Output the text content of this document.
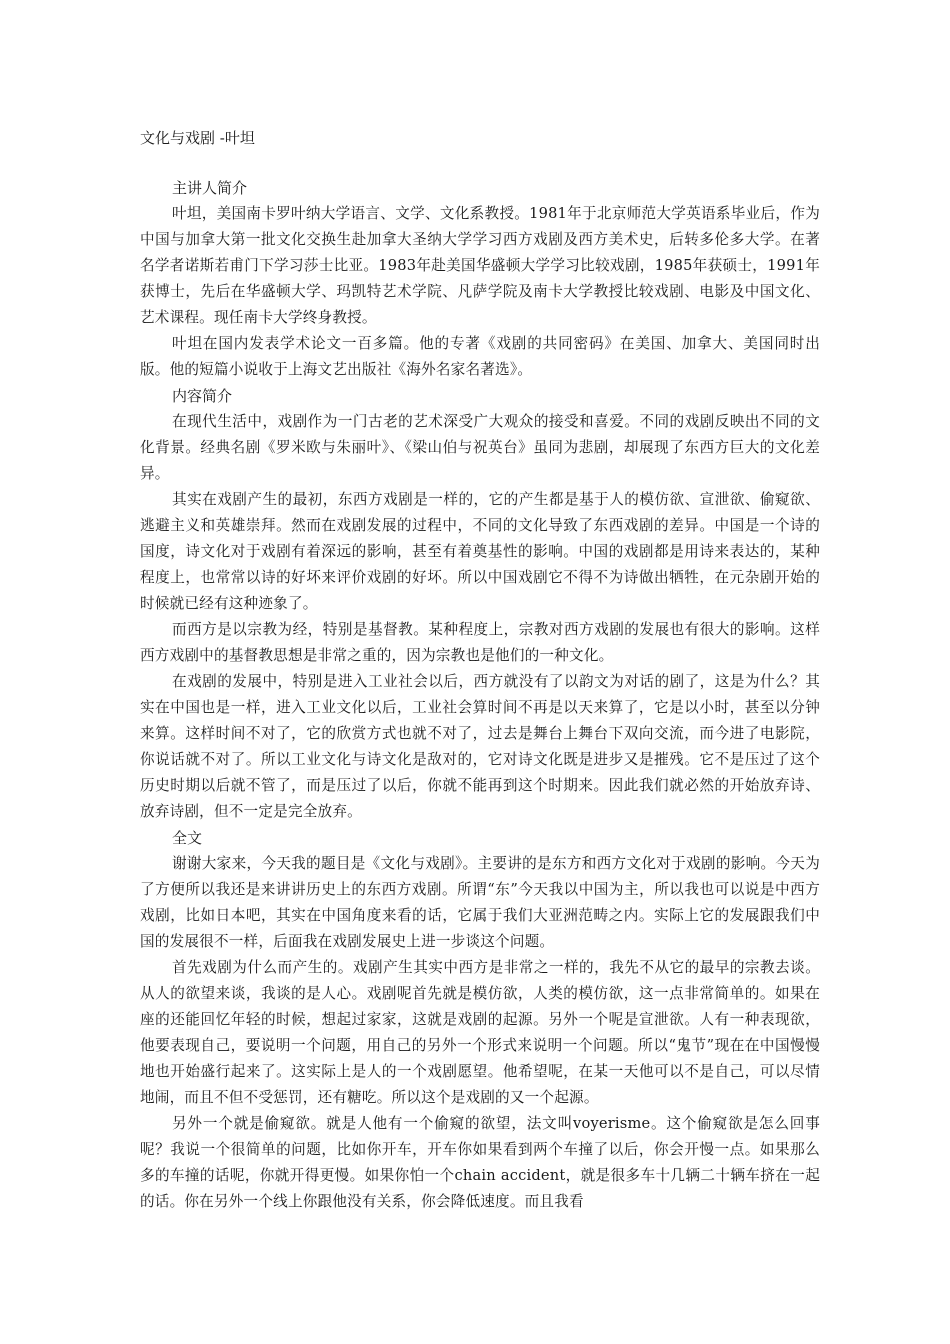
文化与戏剧 -叶坦
主讲人简介

叶坦，美国南卡罗叶纳大学语言、文学、文化系教授。1981年于北京师范大学英语系毕业后，作为中国与加拿大第一批文化交换生赴加拿大圣纳大学学习西方戏剧及西方美术史，后转多伦多大学。在著名学者诺斯若甫门下学习莎士比亚。1983年赴美国华盛顿大学学习比较戏剧，1985年获硕士，1991年获博士，先后在华盛顿大学、玛凯特艺术学院、凡萨学院及南卡大学教授比较戏剧、电影及中国文化、艺术课程。现任南卡大学终身教授。

叶坦在国内发表学术论文一百多篇。他的专著《戏剧的共同密码》在美国、加拿大、美国同时出版。他的短篇小说收于上海文艺出版社《海外名家名著选》。

内容简介

在现代生活中，戏剧作为一门古老的艺术深受广大观众的接受和喜爱。不同的戏剧反映出不同的文化背景。经典名剧《罗米欧与朱丽叶》、《梁山伯与祝英台》虽同为悲剧，却展现了东西方巨大的文化差异。

其实在戏剧产生的最初，东西方戏剧是一样的，它的产生都是基于人的模仿欲、宣泄欲、偷窥欲、逃避主义和英雄崇拜。然而在戏剧发展的过程中，不同的文化导致了东西戏剧的差异。中国是一个诗的国度，诗文化对于戏剧有着深远的影响，甚至有着奠基性的影响。中国的戏剧都是用诗来表达的，某种程度上，也常常以诗的好坏来评价戏剧的好坏。所以中国戏剧它不得不为诗做出牺牲，在元杂剧开始的时候就已经有这种迹象了。

而西方是以宗教为经，特别是基督教。某种程度上，宗教对西方戏剧的发展也有很大的影响。这样西方戏剧中的基督教思想是非常之重的，因为宗教也是他们的一种文化。

在戏剧的发展中，特别是进入工业社会以后，西方就没有了以韵文为对话的剧了，这是为什么？其实在中国也是一样，进入工业文化以后，工业社会算时间不再是以天来算了，它是以小时，甚至以分钟来算。这样时间不对了，它的欣赏方式也就不对了，过去是舞台上舞台下双向交流，而今进了电影院，你说话就不对了。所以工业文化与诗文化是敌对的，它对诗文化既是进步又是摧残。它不是压过了这个历史时期以后就不管了，而是压过了以后，你就不能再到这个时期来。因此我们就必然的开始放弃诗、放弃诗剧，但不一定是完全放弃。

全文

谢谢大家来，今天我的题目是《文化与戏剧》。主要讲的是东方和西方文化对于戏剧的影响。今天为了方便所以我还是来讲讲历史上的东西方戏剧。所谓“东”今天我以中国为主，所以我也可以说是中西方戏剧，比如日本吧，其实在中国角度来看的话，它属于我们大亚洲范畴之内。实际上它的发展跟我们中国的发展很不一样，后面我在戏剧发展史上进一步谈这个问题。

首先戏剧为什么而产生的。戏剧产生其实中西方是非常之一样的，我先不从它的最早的宗教去谈。从人的欲望来谈，我谈的是人心。戏剧呢首先就是模仿欲，人类的模仿欲，这一点非常简单的。如果在座的还能回忆年轻的时候，想起过家家，这就是戏剧的起源。另外一个呢是宣泄欲。人有一种表现欲，他要表现自己，要说明一个问题，用自己的另外一个形式来说明一个问题。所以“鬼节”现在在中国慢慢地也开始盛行起来了。这实际上是人的一个戏剧愿望。他希望呢，在某一天他可以不是自己，可以尽情地闹，而且不但不受惩罚，还有糖吃。所以这个是戏剧的又一个起源。

另外一个就是偷窥欲。就是人他有一个偷窥的欲望，法文叫voyerisme。这个偷窥欲是怎么回事呢？我说一个很简单的问题，比如你开车，开车你如果看到两个车撞了以后，你会开慢一点。如果那么多的车撞的话呢，你就开得更慢。如果你怕一个chain accident，就是很多车十几辆二十辆车挤在一起的话。你在另外一个线上你跟他没有关系，你会降低速度。而且我看
